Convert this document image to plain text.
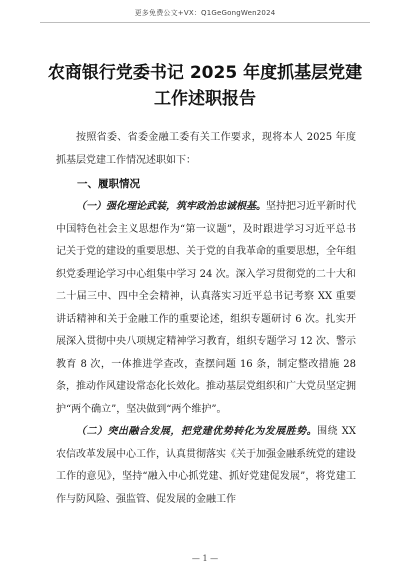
更多免费公文+VX：Q1GeGongWen2024
农商银行党委书记 2025 年度抓基层党建
工作述职报告

按照省委、省委金融工委有关工作要求，现将本人 2025 年度抓基层党建工作情况述职如下：

一、履职情况

（一）强化理论武装，筑牢政治忠诚根基。坚持把习近平新时代中国特色社会主义思想作为“第一议题”，及时跟进学习习近平总书记关于党的建设的重要思想、关于党的自我革命的重要思想，全年组织党委理论学习中心组集中学习 24 次。深入学习贯彻党的二十大和二十届三中、四中全会精神，认真落实习近平总书记考察 XX 重要讲话精神和关于金融工作的重要论述，组织专题研讨 6 次。扎实开展深入贯彻中央八项规定精神学习教育，组织专题学习 12 次、警示教育 8 次，一体推进学查改，查摆问题 16 条，制定整改措施 28 条，推动作风建设常态化长效化。推动基层党组织和广大党员坚定拥护“两个确立”，坚决做到“两个维护”。

（二）突出融合发展，把党建优势转化为发展胜势。围绕 XX 农信改革发展中心工作，认真贯彻落实《关于加强金融系统党的建设工作的意见》，坚持“融入中心抓党建、抓好党建促发展”，将党建工作与防风险、强监管、促发展的金融工作

— 1 —
